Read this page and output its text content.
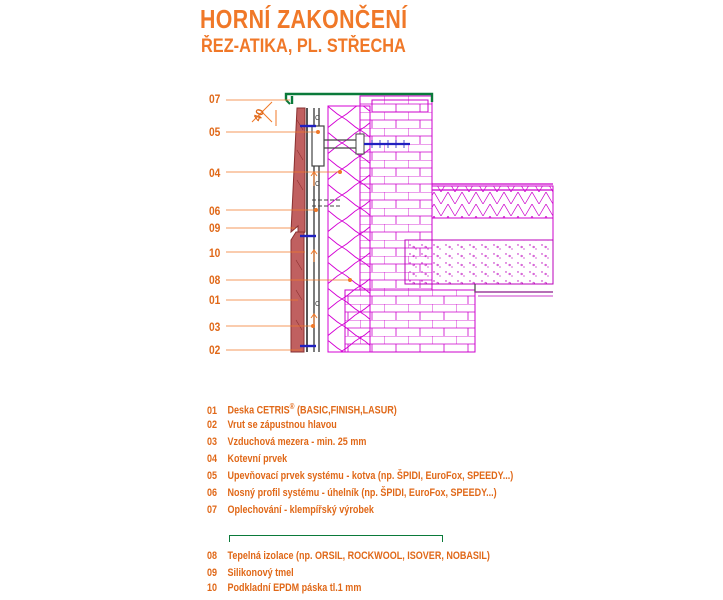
HORNÍ ZAKONČENÍ
ŘEZ-ATIKA, PL. STŘECHA
C
C
C
40
07
05
04
06
09
10
08
01
03
02
01 Deska CETRIS® (BASIC,FINISH,LASUR)
02 Vrut se zápustnou hlavou
03 Vzduchová mezera - min. 25 mm
04 Kotevní prvek
05 Upevňovací prvek systému - kotva (np. ŠPIDI, EuroFox, SPEEDY...)
06 Nosný profil systému - úhelník (np. ŠPIDI, EuroFox, SPEEDY...)
07 Oplechování - klempířský výrobek
08 Tepelná izolace (np. ORSIL, ROCKWOOL, ISOVER, NOBASIL)
09 Silikonový tmel
10 Podkladní EPDM páska tl.1 mm
